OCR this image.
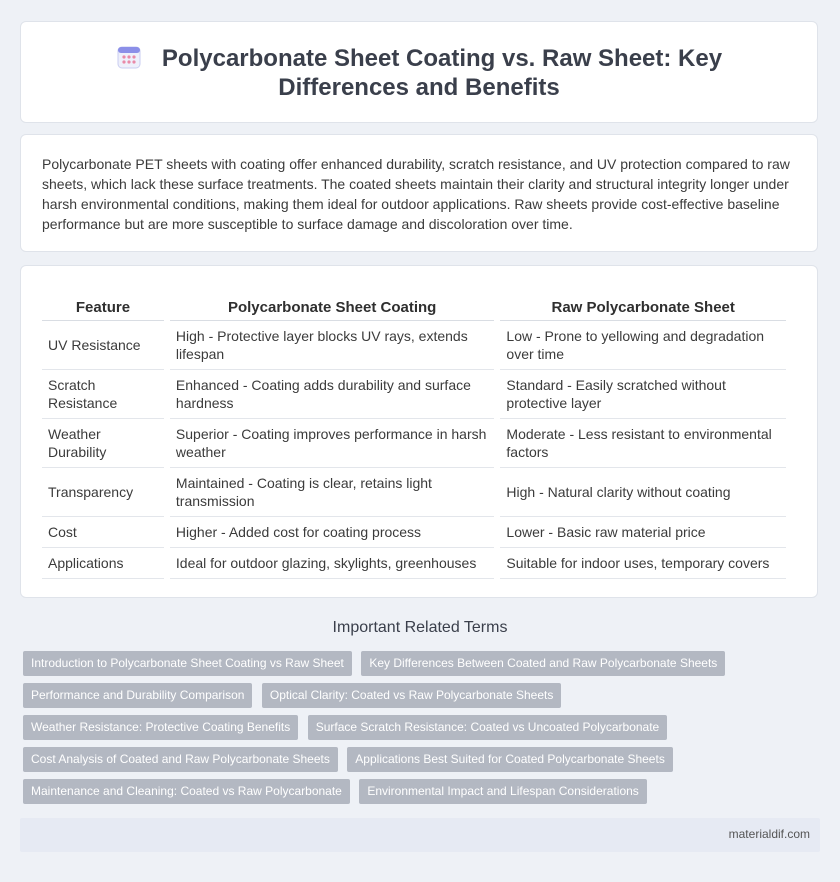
Polycarbonate Sheet Coating vs. Raw Sheet: Key Differences and Benefits

Polycarbonate PET sheets with coating offer enhanced durability, scratch resistance, and UV protection compared to raw sheets, which lack these surface treatments. The coated sheets maintain their clarity and structural integrity longer under harsh environmental conditions, making them ideal for outdoor applications. Raw sheets provide cost-effective baseline performance but are more susceptible to surface damage and discoloration over time.

Feature	Polycarbonate Sheet Coating	Raw Polycarbonate Sheet
UV Resistance	High - Protective layer blocks UV rays, extends lifespan	Low - Prone to yellowing and degradation over time
Scratch Resistance	Enhanced - Coating adds durability and surface hardness	Standard - Easily scratched without protective layer
Weather Durability	Superior - Coating improves performance in harsh weather	Moderate - Less resistant to environmental factors
Transparency	Maintained - Coating is clear, retains light transmission	High - Natural clarity without coating
Cost	Higher - Added cost for coating process	Lower - Basic raw material price
Applications	Ideal for outdoor glazing, skylights, greenhouses	Suitable for indoor uses, temporary covers
Important Related Terms
Introduction to Polycarbonate Sheet Coating vs Raw Sheet Key Differences Between Coated and Raw Polycarbonate Sheets
Performance and Durability Comparison Optical Clarity: Coated vs Raw Polycarbonate Sheets
Weather Resistance: Protective Coating Benefits Surface Scratch Resistance: Coated vs Uncoated Polycarbonate
Cost Analysis of Coated and Raw Polycarbonate Sheets Applications Best Suited for Coated Polycarbonate Sheets
Maintenance and Cleaning: Coated vs Raw Polycarbonate Environmental Impact and Lifespan Considerations
materialdif.com
